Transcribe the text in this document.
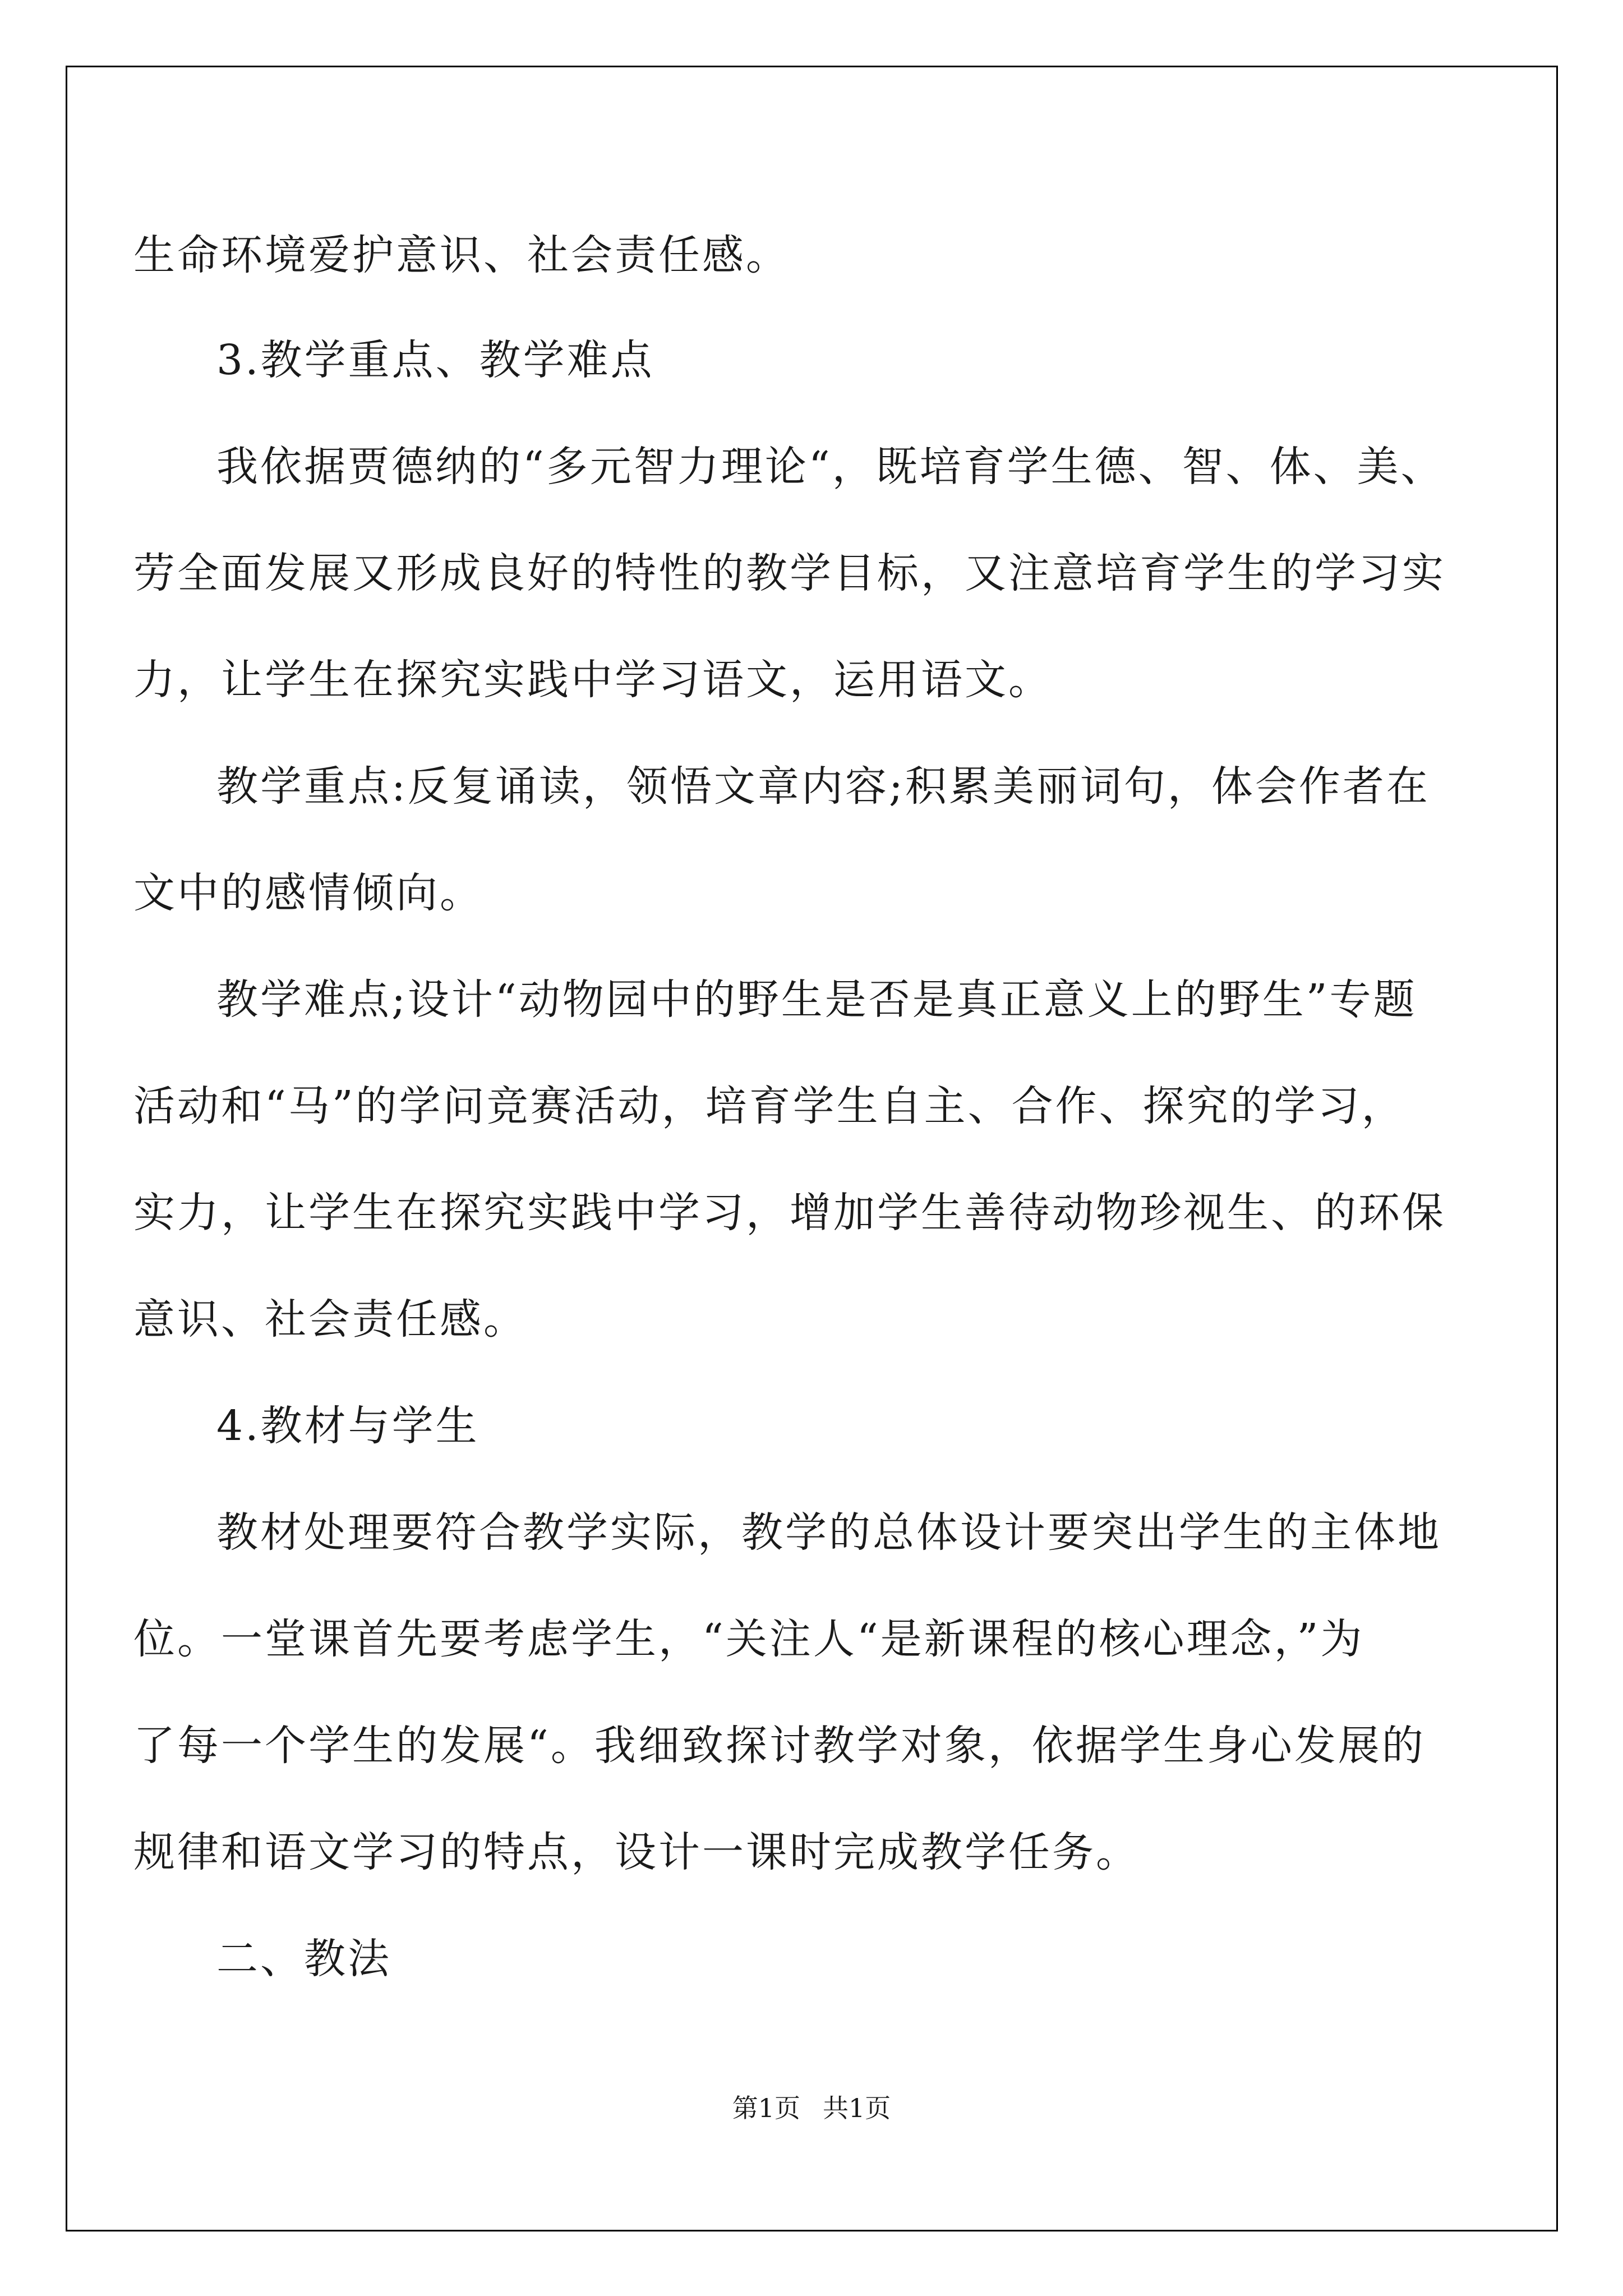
生命环境爱护意识、社会责任感。
3.教学重点、教学难点
我依据贾德纳的“多元智力理论“，既培育学生德、智、体、美、
劳全面发展又形成良好的特性的教学目标，又注意培育学生的学习实
力，让学生在探究实践中学习语文，运用语文。
教学重点:反复诵读，领悟文章内容;积累美丽词句，体会作者在
文中的感情倾向。
教学难点;设计“动物园中的野生是否是真正意义上的野生”专题
活动和“马”的学问竞赛活动，培育学生自主、合作、探究的学习，
实力，让学生在探究实践中学习，增加学生善待动物珍视生、的环保
意识、社会责任感。
4.教材与学生
教材处理要符合教学实际，教学的总体设计要突出学生的主体地
位。一堂课首先要考虑学生，“关注人“是新课程的核心理念，”为
了每一个学生的发展“。我细致探讨教学对象，依据学生身心发展的
规律和语文学习的特点，设计一课时完成教学任务。
二、教法
第1页 共1页
